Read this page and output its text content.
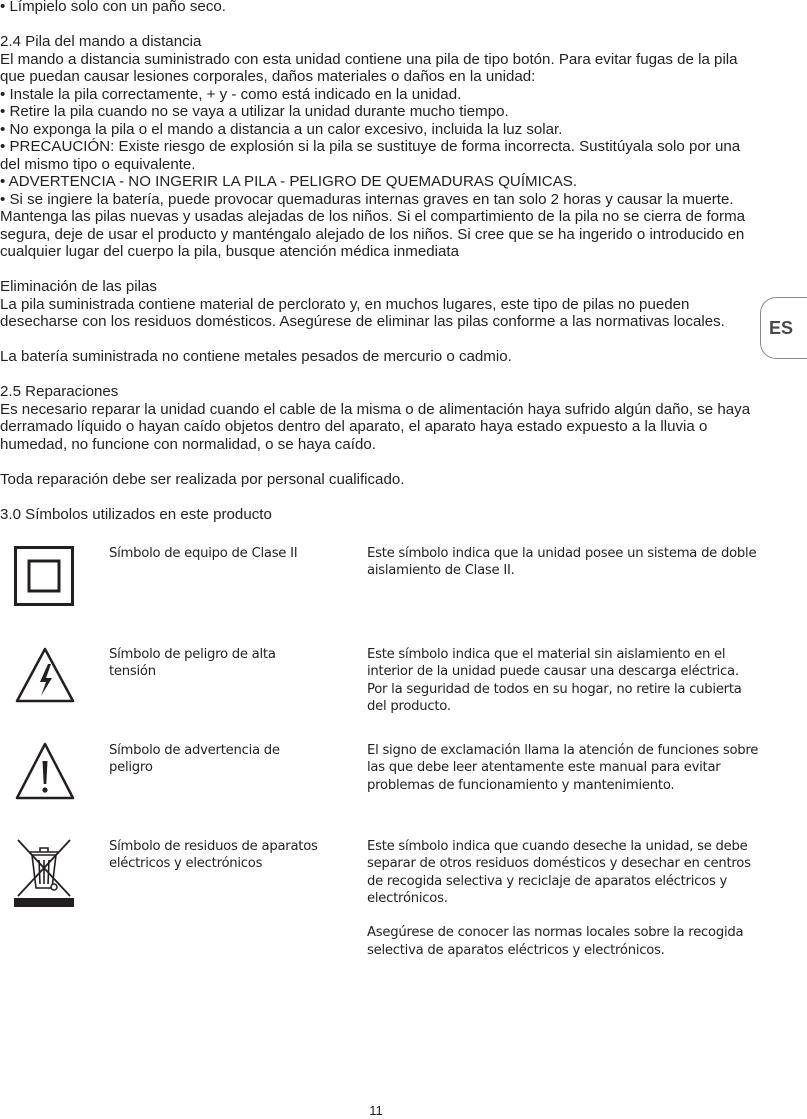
• Límpielo solo con un paño seco.

2.4 Pila del mando a distancia

El mando a distancia suministrado con esta unidad contiene una pila de tipo botón. Para evitar fugas de la pila que puedan causar lesiones corporales, daños materiales o daños en la unidad:

• Instale la pila correctamente, + y - como está indicado en la unidad.

• Retire la pila cuando no se vaya a utilizar la unidad durante mucho tiempo.

• No exponga la pila o el mando a distancia a un calor excesivo, incluida la luz solar.

• PRECAUCIÓN: Existe riesgo de explosión si la pila se sustituye de forma incorrecta. Sustitúyala solo por una del mismo tipo o equivalente.

• ADVERTENCIA - NO INGERIR LA PILA - PELIGRO DE QUEMADURAS QUÍMICAS.

• Si se ingiere la batería, puede provocar quemaduras internas graves en tan solo 2 horas y causar la muerte. Mantenga las pilas nuevas y usadas alejadas de los niños. Si el compartimiento de la pila no se cierra de forma segura, deje de usar el producto y manténgalo alejado de los niños. Si cree que se ha ingerido o introducido en cualquier lugar del cuerpo la pila, busque atención médica inmediata

Eliminación de las pilas

La pila suministrada contiene material de perclorato y, en muchos lugares, este tipo de pilas no pueden desecharse con los residuos domésticos. Asegúrese de eliminar las pilas conforme a las normativas locales.

La batería suministrada no contiene metales pesados de mercurio o cadmio.

2.5 Reparaciones

Es necesario reparar la unidad cuando el cable de la misma o de alimentación haya sufrido algún daño, se haya derramado líquido o hayan caído objetos dentro del aparato, el aparato haya estado expuesto a la lluvia o humedad, no funcione con normalidad, o se haya caído.

Toda reparación debe ser realizada por personal cualificado.

3.0 Símbolos utilizados en este producto

ES
Símbolo de equipo de Clase II	Este símbolo indica que la unidad posee un sistema de doble aislamiento de Clase II.
Símbolo de peligro de alta tensión
Este símbolo indica que el material sin aislamiento en el interior de la unidad puede causar una descarga eléctrica. Por la seguridad de todos en su hogar, no retire la cubierta del producto.
Símbolo de advertencia de peligro
El signo de exclamación llama la atención de funciones sobre las que debe leer atentamente este manual para evitar problemas de funcionamiento y mantenimiento.
Símbolo de residuos de aparatos eléctricos y electrónicos
Este símbolo indica que cuando deseche la unidad, se debe separar de otros residuos domésticos y desechar en centros de recogida selectiva y reciclaje de aparatos eléctricos y electrónicos.
Asegúrese de conocer las normas locales sobre la recogida selectiva de aparatos eléctricos y electrónicos.
11
